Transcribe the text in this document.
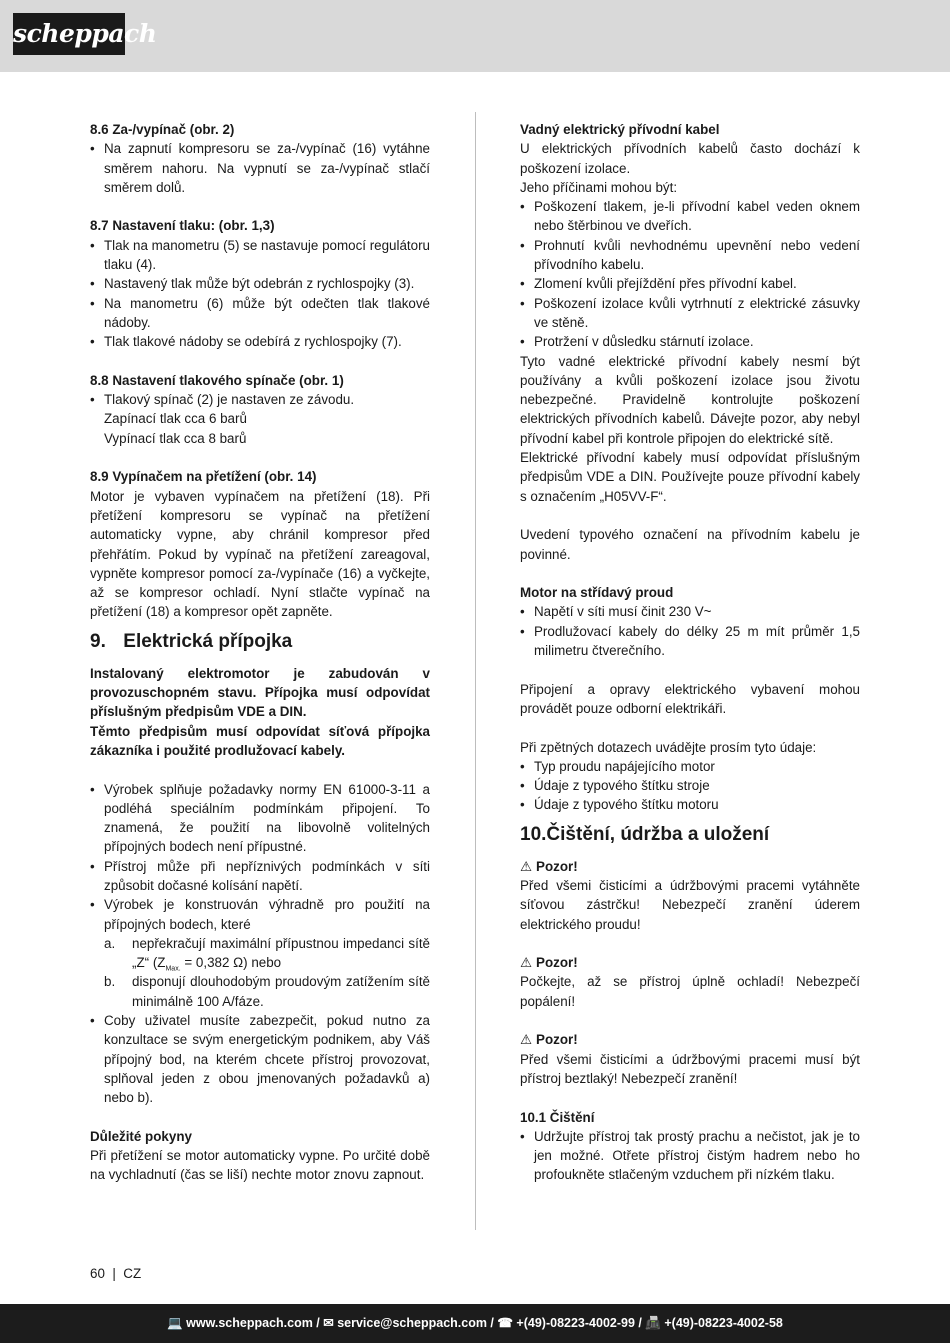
scheppach
8.6 Za-/vypínač (obr. 2)
• Na zapnutí kompresoru se za-/vypínač (16) vytáhne směrem nahoru. Na vypnutí se za-/vypínač stlačí směrem dolů.
8.7 Nastavení tlaku: (obr. 1,3)
• Tlak na manometru (5) se nastavuje pomocí regulátoru tlaku (4).
• Nastavený tlak může být odebrán z rychlospojky (3).
• Na manometru (6) může být odečten tlak tlakové nádoby.
• Tlak tlakové nádoby se odebírá z rychlospojky (7).
8.8 Nastavení tlakového spínače (obr. 1)
• Tlakový spínač (2) je nastaven ze závodu.
Zapínací tlak cca 6 barů
Vypínací tlak cca 8 barů
8.9 Vypínačem na přetížení (obr. 14)

Motor je vybaven vypínačem na přetížení (18). Při přetížení kompresoru se vypínač na přetížení automaticky vypne, aby chránil kompresor před přehřátím. Pokud by vypínač na přetížení zareagoval, vypněte kompresor pomocí za-/vypínače (16) a vyčkejte, až se kompresor ochladí. Nyní stlačte vypínač na přetížení (18) a kompresor opět zapněte.

9. Elektrická přípojka

Instalovaný elektromotor je zabudován v provozuschopném stavu. Přípojka musí odpovídat příslušným předpisům VDE a DIN.

Těmto předpisům musí odpovídat síťová přípojka zákazníka i použité prodlužovací kabely.

• Výrobek splňuje požadavky normy EN 61000-3-11 a podléhá speciálním podmínkám připojení. To znamená, že použití na libovolně volitelných přípojných bodech není přípustné.
• Přístroj může při nepříznivých podmínkách v síti způsobit dočasné kolísání napětí.
• Výrobek je konstruován výhradně pro použití na přípojných bodech, které
a. nepřekračují maximální přípustnou impedanci sítě „Z“ ($Z_{Max.} = 0,382$ Ω) nebo
b. disponují dlouhodobým proudovým zatížením sítě minimálně 100 A/fáze.
• Coby uživatel musíte zabezpečit, pokud nutno za konzultace se svým energetickým podnikem, aby Váš přípojný bod, na kterém chcete přístroj provozovat, splňoval jeden z obou jmenovaných požadavků a) nebo b).
Důležité pokyny

Při přetížení se motor automaticky vypne. Po určité době na vychladnutí (čas se liší) nechte motor znovu zapnout.

Vadný elektrický přívodní kabel

U elektrických přívodních kabelů často dochází k poškození izolace.

Jeho příčinami mohou být:

• Poškození tlakem, je-li přívodní kabel veden oknem nebo štěrbinou ve dveřích.
• Prohnutí kvůli nevhodnému upevnění nebo vedení přívodního kabelu.
• Zlomení kvůli přejíždění přes přívodní kabel.
• Poškození izolace kvůli vytrhnutí z elektrické zásuvky ve stěně.
• Protržení v důsledku stárnutí izolace.

Tyto vadné elektrické přívodní kabely nesmí být používány a kvůli poškození izolace jsou životu nebezpečné. Pravidelně kontrolujte poškození elektrických přívodních kabelů. Dávejte pozor, aby nebyl přívodní kabel při kontrole připojen do elektrické sítě.

Elektrické přívodní kabely musí odpovídat příslušným předpisům VDE a DIN. Používejte pouze přívodní kabely s označením „H05VV-F“.

Uvedení typového označení na přívodním kabelu je povinné.

Motor na střídavý proud
• Napětí v síti musí činit 230 V~
• Prodlužovací kabely do délky 25 m mít průměr 1,5 milimetru čtverečního.

Připojení a opravy elektrického vybavení mohou provádět pouze odborní elektrikáři.

Při zpětných dotazech uvádějte prosím tyto údaje:

• Typ proudu napájejícího motor
• Údaje z typového štítku stroje
• Údaje z typového štítku motoru
10.Čištění, údržba a uložení
⚠ Pozor!

Před všemi čisticími a údržbovými pracemi vytáhněte síťovou zástrčku! Nebezpečí zranění úderem elektrického proudu!

⚠ Pozor!

Počkejte, až se přístroj úplně ochladí! Nebezpečí popálení!

⚠ Pozor!

Před všemi čisticími a údržbovými pracemi musí být přístroj beztlaký! Nebezpečí zranění!

10.1 Čištění
• Udržujte přístroj tak prostý prachu a nečistot, jak je to jen možné. Otřete přístroj čistým hadrem nebo ho profoukněte stlačeným vzduchem při nízkém tlaku.
60  |  CZ
💻 www.scheppach.com / ✉ service@scheppach.com / ☎ +(49)-08223-4002-99 / 📠 +(49)-08223-4002-58
